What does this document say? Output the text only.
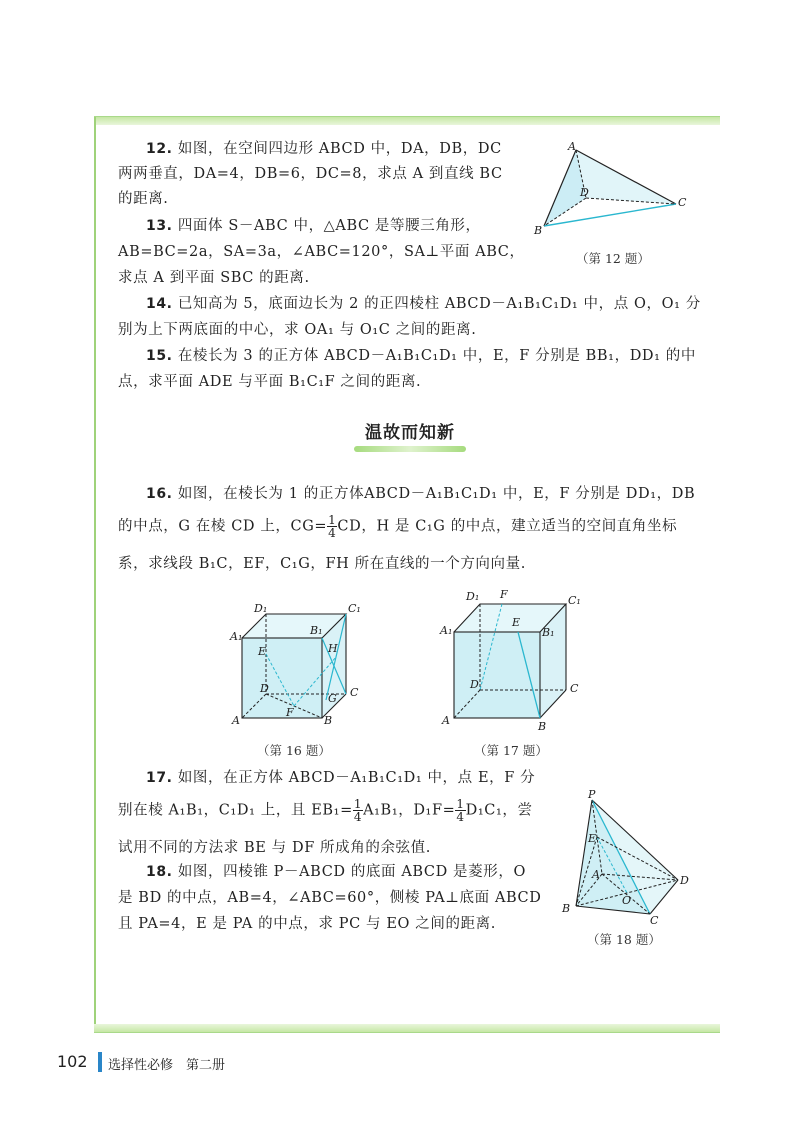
12. 如图，在空间四边形 ABCD 中，DA，DB，DC
两两垂直，DA=4，DB=6，DC=8，求点 A 到直线 BC
的距离.
13. 四面体 S－ABC 中，△ABC 是等腰三角形，
AB=BC=2a，SA=3a，∠ABC=120°，SA⊥平面 ABC，
求点 A 到平面 SBC 的距离.
A
D
C
B
（第 12 题）
14. 已知高为 5，底面边长为 2 的正四棱柱 ABCD－A₁B₁C₁D₁ 中，点 O，O₁ 分
别为上下两底面的中心，求 OA₁ 与 O₁C 之间的距离.
15. 在棱长为 3 的正方体 ABCD－A₁B₁C₁D₁ 中，E，F 分别是 BB₁，DD₁ 的中
点，求平面 ADE 与平面 B₁C₁F 之间的距离.
温故而知新
16. 如图，在棱长为 1 的正方体ABCD－A₁B₁C₁D₁ 中，E，F 分别是 DD₁，DB
的中点，G 在棱 CD 上，$CG= \frac{1}{4}$ CD，H 是 C₁G 的中点，建立适当的空间直角坐标
系，求线段 B₁C，EF，C₁G，FH 所在直线的一个方向向量.
D₁	C₁
A₁	B₁
E	H
D	C
G
F
A	B
（第 16 题）
D₁ F	C₁
A₁
E
B₁
D	C
A	B
（第 17 题）
17. 如图，在正方体 ABCD－A₁B₁C₁D₁ 中，点 E，F 分
别在棱 A₁B₁，C₁D₁ 上，且 $EB_1= \frac{1}{4} A_1B_1$，$D_1F= \frac{1}{4} D_1C_1$，尝
试用不同的方法求 BE 与 DF 所成角的余弦值.
18. 如图，四棱锥 P－ABCD 的底面 ABCD 是菱形，O
是 BD 的中点，AB=4，∠ABC=60°，侧棱 PA⊥底面 ABCD
且 PA=4，E 是 PA 的中点，求 PC 与 EO 之间的距离.
P
E
A	D
O
B
C
（第 18 题）
102 选择性必修　第二册
